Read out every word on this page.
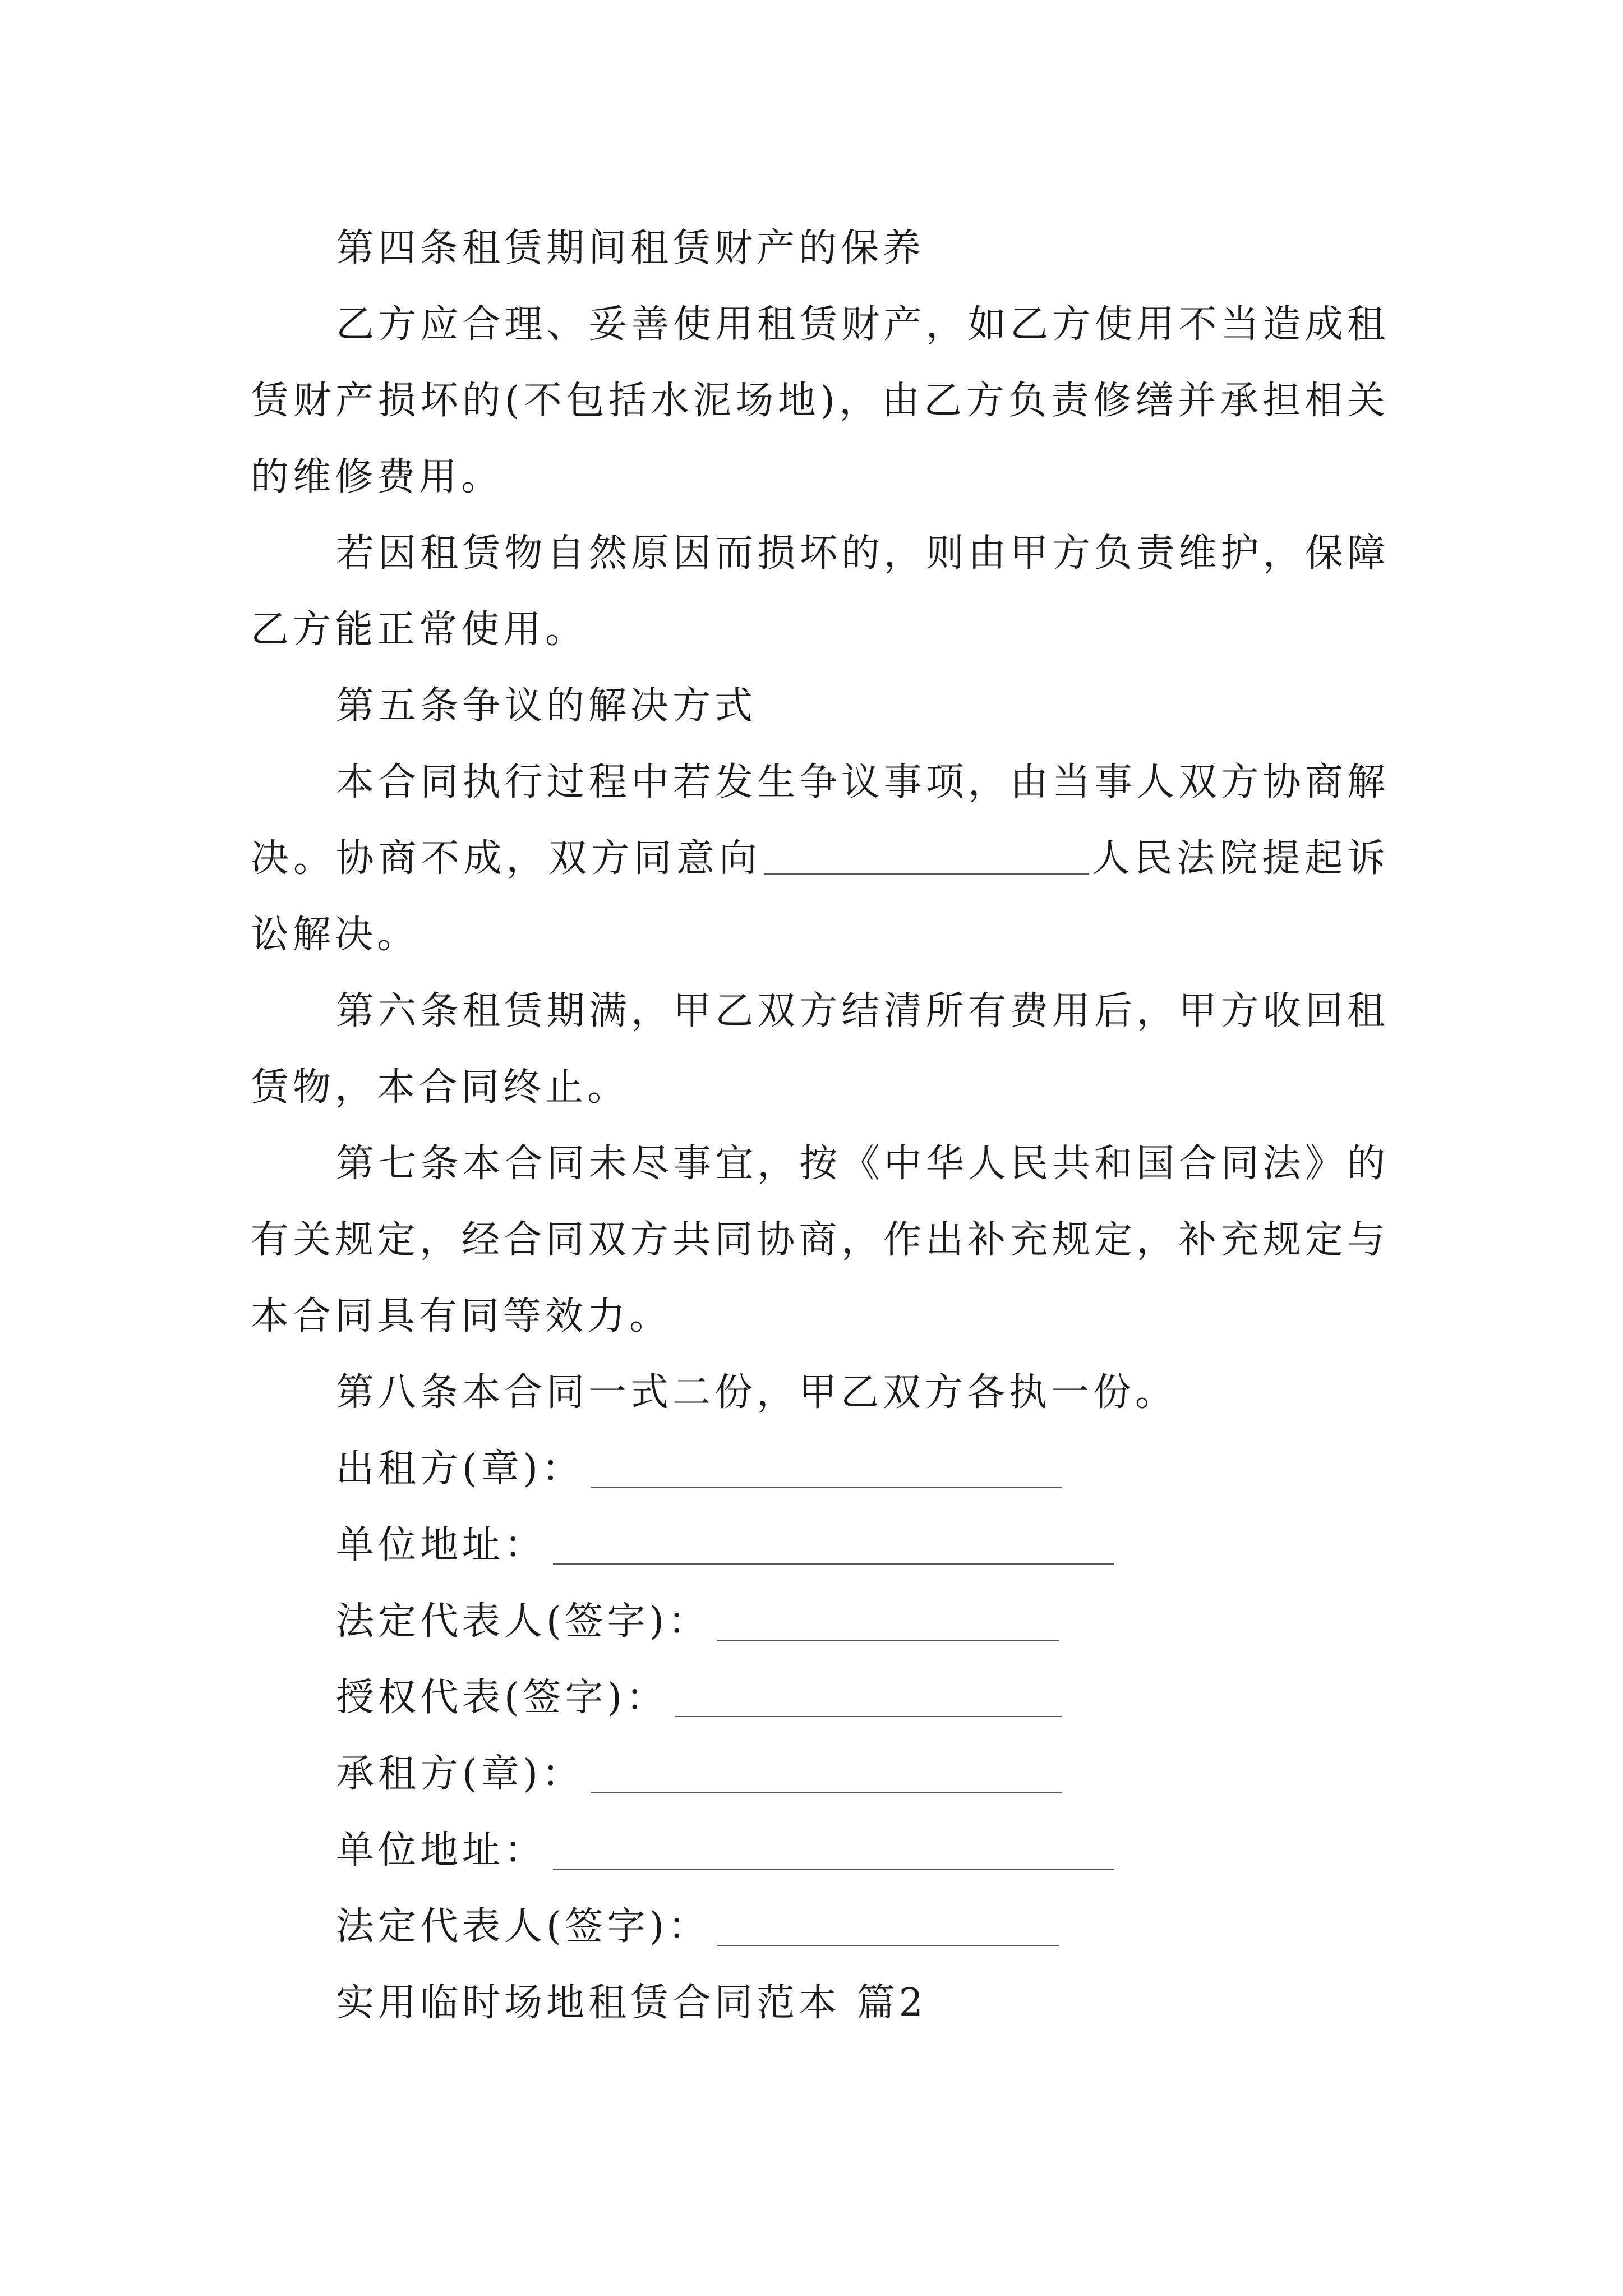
第四条租赁期间租赁财产的保养

乙方应合理、妥善使用租赁财产，如乙方使用不当造成租赁财产损坏的(不包括水泥场地)，由乙方负责修缮并承担相关的维修费用。

若因租赁物自然原因而损坏的，则由甲方负责维护，保障乙方能正常使用。

第五条争议的解决方式

本合同执行过程中若发生争议事项，由当事人双方协商解决。协商不成，双方同意向	人民法院提起诉讼解决。

第六条租赁期满，甲乙双方结清所有费用后，甲方收回租赁物，本合同终止。

第七条本合同未尽事宜，按《中华人民共和国合同法》的有关规定，经合同双方共同协商，作出补充规定，补充规定与本合同具有同等效力。

第八条本合同一式二份，甲乙双方各执一份。

出租方(章)：
单位地址：
法定代表人(签字)：
授权代表(签字)：
承租方(章)：
单位地址：
法定代表人(签字)：

实用临时场地租赁合同范本 篇2
